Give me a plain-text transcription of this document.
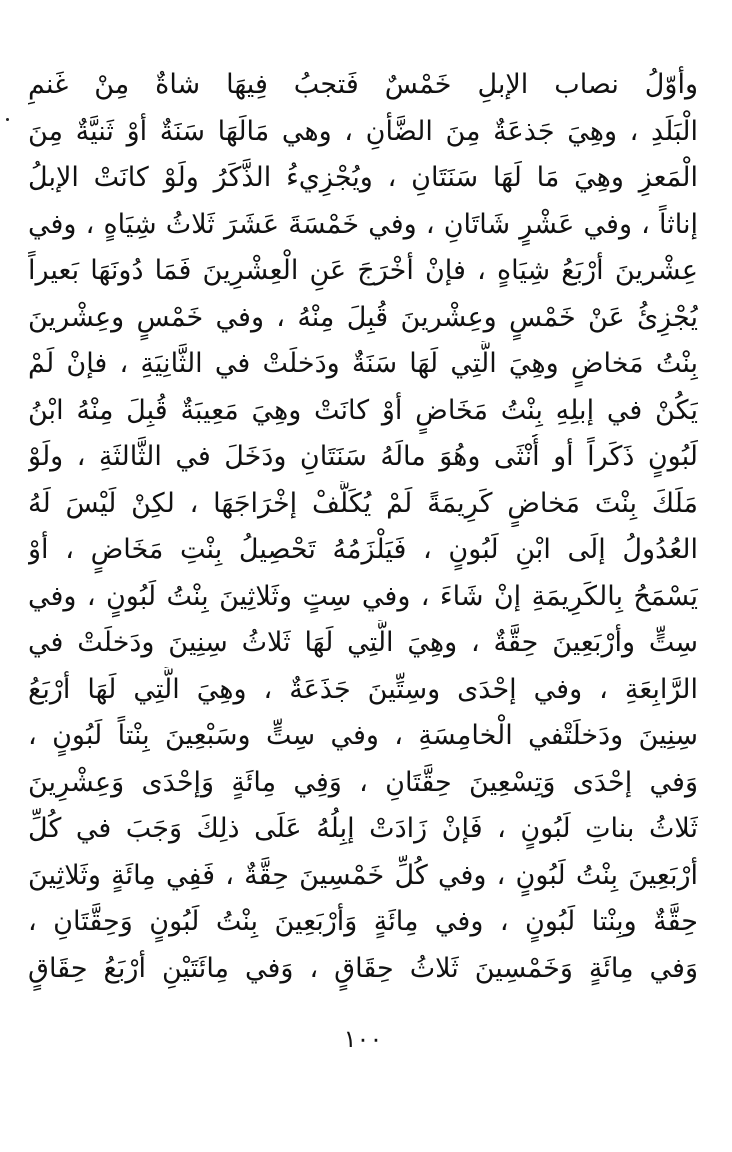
وأوّلُ نصاب الإبلِ خَمْسٌ فَتجبُ فِيهَا شاةٌ مِنْ غَنمِ
الْبَلَدِ ، وهِيَ جَذعَةٌ مِنَ الضَّأنِ ، وهي مَالَهَا سَنَةٌ أوْ ثَنيَّةٌ مِنَ
الْمَعزِ وهِيَ مَا لَهَا سَنَتَانِ ، ويُجْزِيءُ الذَّكَرُ ولَوْ كانَتْ الإبلُ
إناثاً ، وفي عَشْرٍ شَاتَانِ ، وفي خَمْسَةَ عَشَرَ ثَلاثُ شِيَاهٍ ، وفي
عِشْرينَ أرْبَعُ شِيَاهٍ ، فإنْ أخْرَجَ عَنِ الْعِشْرِينَ فَمَا دُونَهَا بَعيراً
يُجْزِئُ عَنْ خَمْسٍ وعِشْرينَ قُبِلَ مِنْهُ ، وفي خَمْسٍ وعِشْرينَ
بِنْتُ مَخاضٍ وهِيَ الَّتِي لَهَا سَنَةٌ ودَخلَتْ في الثَّانِيَةِ ، فإنْ لَمْ
يَكُنْ في إبلِهِ بِنْتُ مَخَاضٍ أوْ كانَتْ وهِيَ مَعِيبَةٌ قُبِلَ مِنْهُ ابْنُ
لَبُونٍ ذَكَراً أو أُنْثَى وهُوَ مالَهُ سَنَتَانِ ودَخَلَ في الثَّالثَةِ ، ولَوْ
مَلَكَ بِنْتَ مَخاضٍ كَرِيمَةً لَمْ يُكَلَّفْ إخْرَاجَهَا ، لكِنْ لَيْسَ لَهُ
العُدُولُ إلَى ابْنِ لَبُونٍ ، فَيَلْزَمُهُ تَحْصِيلُ بِنْتِ مَخَاضٍ ، أوْ
يَسْمَحُ بِالكَرِيمَةِ إنْ شَاءَ ، وفي سِتٍ وثَلاثِينَ بِنْتُ لَبُونٍ ، وفي
سِتٍّ وأرْبَعِينَ حِقَّةٌ ، وهِيَ الَّتِي لَهَا ثَلاثُ سِنِينَ ودَخلَتْ في
الرَّابِعَةِ ، وفي إحْدَى وسِتِّينَ جَذَعَةٌ ، وهِيَ الَّتِي لَهَا أرْبَعُ
سِنِينَ ودَخلَتْفي الْخامِسَةِ ، وفي سِتٍّ وسَبْعِينَ بِنْتاً لَبُونٍ ،
وَفي إحْدَى وَتِسْعِينَ حِقَّتَانِ ، وَفِي مِائَةٍ وَإحْدَى وَعِشْرِينَ
ثَلاثُ بناتِ لَبُونٍ ، فَإنْ زَادَتْ إبِلُهُ عَلَى ذلِكَ وَجَبَ في كُلِّ
أرْبَعِينَ بِنْتُ لَبُونٍ ، وفي كُلِّ خَمْسِينَ حِقَّةٌ ، فَفِي مِائَةٍ وثَلاثِينَ
حِقَّةٌ وبِنْتا لَبُونٍ ، وفي مِائَةٍ وَأرْبَعِينَ بِنْتُ لَبُونٍ وَحِقَّتَانِ ،
وَفي مِائَةٍ وَخَمْسِينَ ثَلاثُ حِقَاقٍ ، وَفي مِائَتَيْنِ أرْبَعُ حِقَاقٍ
١٠٠
